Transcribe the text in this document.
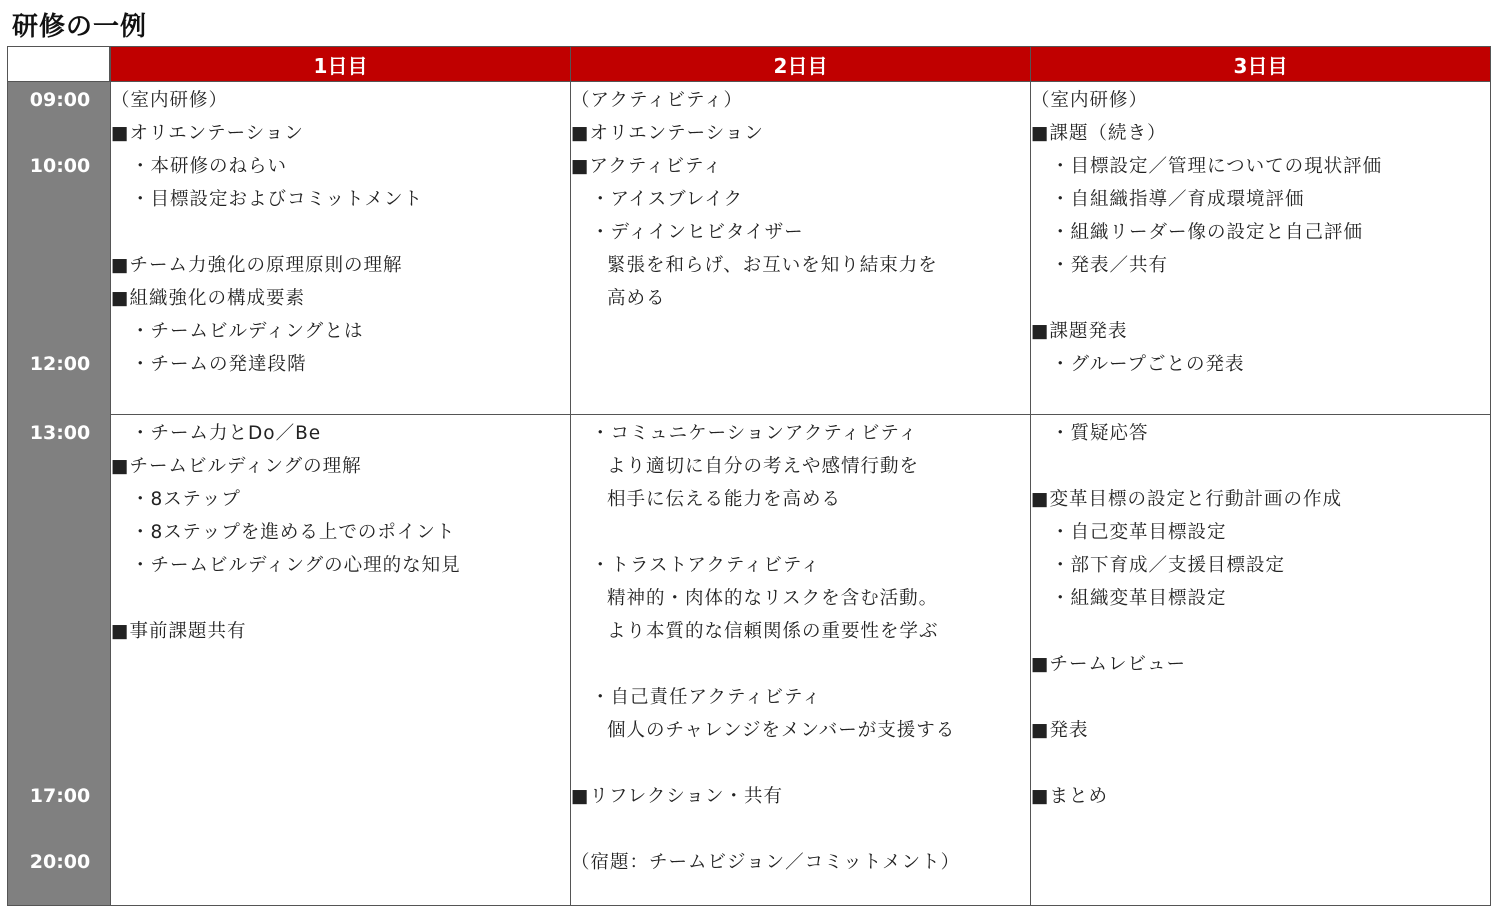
研修の一例
1日目	2日目	3日目
09:00
10:00
12:00
13:00
17:00
20:00
（室内研修）
■オリエンテーション
・本研修のねらい
・目標設定およびコミットメント
■チーム力強化の原理原則の理解
■組織強化の構成要素
・チームビルディングとは
・チームの発達段階
・チーム力とDo／Be
■チームビルディングの理解
・8ステップ
・8ステップを進める上でのポイント
・チームビルディングの心理的な知見
■事前課題共有
（アクティビティ）
■オリエンテーション
■アクティビティ
・アイスブレイク
・ディインヒビタイザー
緊張を和らげ、お互いを知り結束力を
高める
・コミュニケーションアクティビティ
より適切に自分の考えや感情行動を
相手に伝える能力を高める
・トラストアクティビティ
精神的・肉体的なリスクを含む活動。
より本質的な信頼関係の重要性を学ぶ
・自己責任アクティビティ
個人のチャレンジをメンバーが支援する
■リフレクション・共有
（宿題：チームビジョン／コミットメント）
（室内研修）
■課題（続き）
・目標設定／管理についての現状評価
・自組織指導／育成環境評価
・組織リーダー像の設定と自己評価
・発表／共有
■課題発表
・グループごとの発表
・質疑応答
■変革目標の設定と行動計画の作成
・自己変革目標設定
・部下育成／支援目標設定
・組織変革目標設定
■チームレビュー
■発表
■まとめ
